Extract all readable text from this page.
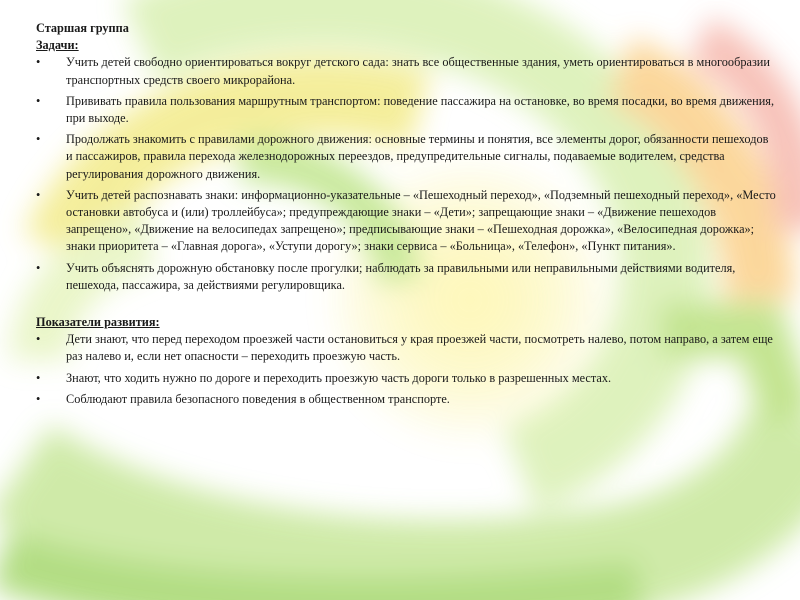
Старшая группа

Задачи:

• Учить детей свободно ориентироваться вокруг детского сада: знать все общественные здания, уметь ориентироваться в многообразии транспортных средств своего микрорайона.
• Прививать правила пользования маршрутным транспортом: поведение пассажира на остановке, во время посадки, во время движения, при выходе.
• Продолжать знакомить с правилами дорожного движения: основные термины и понятия, все элементы дорог, обязанности пешеходов и пассажиров, правила перехода железнодорожных переездов, предупредительные сигналы, подаваемые водителем, средства регулирования дорожного движения.
• Учить детей распознавать знаки: информационно-указательные – «Пешеходный переход», «Подземный пешеходный переход», «Место остановки автобуса и (или) троллейбуса»; предупреждающие знаки – «Дети»; запрещающие знаки – «Движение пешеходов запрещено», «Движение на велосипедах запрещено»; предписывающие знаки – «Пешеходная дорожка», «Велосипедная дорожка»; знаки приоритета – «Главная дорога», «Уступи дорогу»; знаки сервиса – «Больница», «Телефон», «Пункт питания».
• Учить объяснять дорожную обстановку после прогулки; наблюдать за правильными или неправильными действиями водителя, пешехода, пассажира, за действиями регулировщика.

Показатели развития:

• Дети знают, что перед переходом проезжей части остановиться у края проезжей части, посмотреть налево, потом направо, а затем еще раз налево и, если нет опасности – переходить проезжую часть.
• Знают, что ходить нужно по дороге и переходить проезжую часть дороги только в разрешенных местах.
• Соблюдают правила безопасного поведения в общественном транспорте.
